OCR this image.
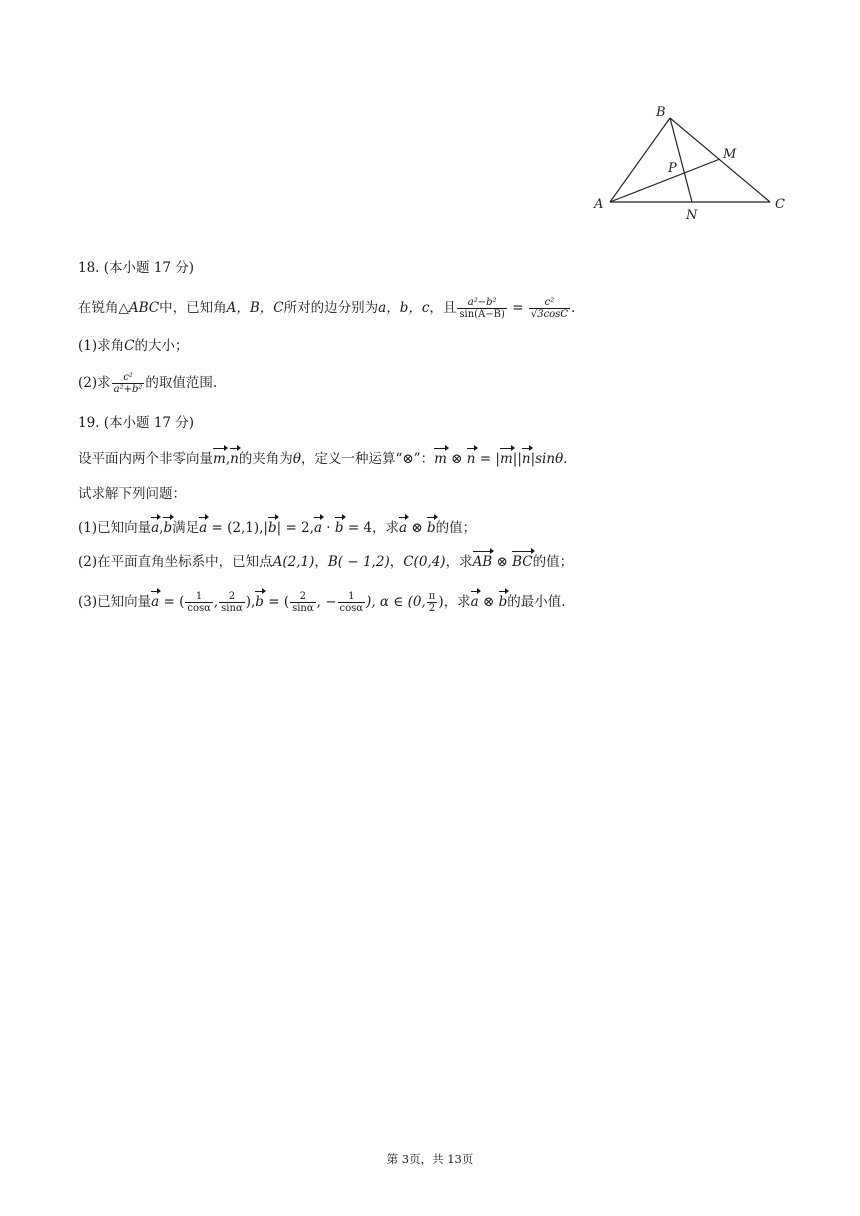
B
A	C
M
N
P
18. (本小题 17 分)
在锐角△ABC中，已知角A，B，C所对的边分别为a，b，c，且 $\frac{\text{a²−b²}}{\sin(A-B)} = \frac{\text{c²}}{√3\cos C}$ .
(1)求角C的大小；
(2)求 $\frac{\text{c²}}{\text{a²+b²}}$ 的取值范围.
19. (本小题 17 分)
设平面内两个非零向量m,n的夹角为θ，定义一种运算“⊗”：m ⊗ n = |m||n|sinθ.
试求解下列问题：
(1)已知向量a,b满足a = (2,1),|b| = 2,a · b = 4，求a ⊗ b的值；
(2)在平面直角坐标系中，已知点A(2,1)，B( − 1,2)，C(0,4)，求AB ⊗ BC的值；
(3)已知向量a = ( $\frac{1}{\cos\alpha}$ , $\frac{2}{\sin\alpha} ),b$ = ( $\frac{2}{\sin\alpha}$ , − $\frac{1}{\cos\alpha}$ ), α ∈ (0, $\frac{\pi}{2}$ )，求a ⊗ b的最小值.
第 3页，共 13页
